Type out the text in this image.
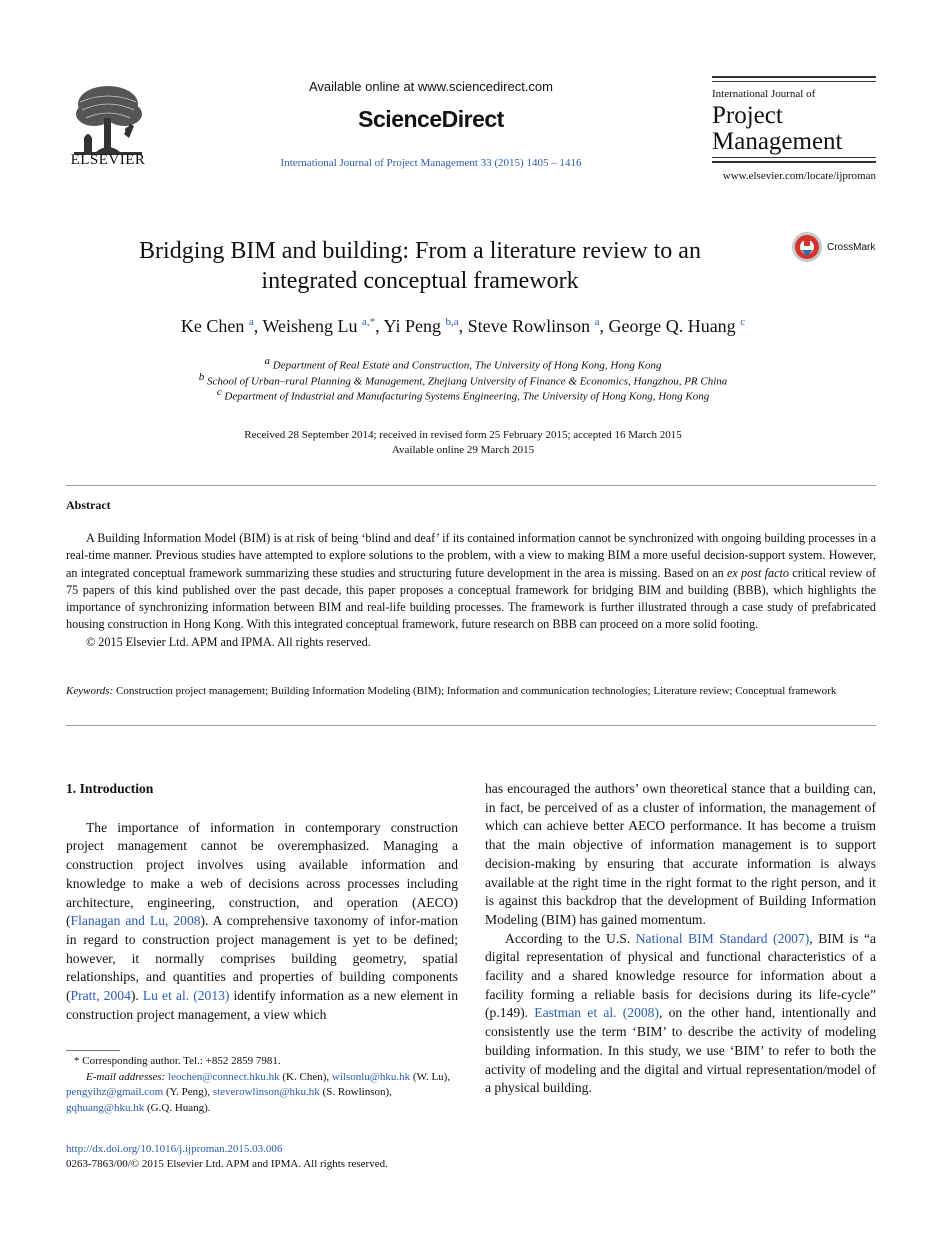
ELSEVIER
Available online at www.sciencedirect.com
ScienceDirect
International Journal of Project Management 33 (2015) 1405 – 1416
International Journal of
Project
Management
www.elsevier.com/locate/ijproman
Bridging BIM and building: From a literature review to an
integrated conceptual framework
CrossMark
Ke Chen $^a$, Weisheng Lu $^{a,*}$, Yi Peng $^{b,a}$, Steve Rowlinson $^a$, George Q. Huang $^c$
$^a$ Department of Real Estate and Construction, The University of Hong Kong, Hong Kong
$^b$ School of Urban–rural Planning & Management, Zhejiang University of Finance & Economics, Hangzhou, PR China
$^c$ Department of Industrial and Manufacturing Systems Engineering, The University of Hong Kong, Hong Kong
Received 28 September 2014; received in revised form 25 February 2015; accepted 16 March 2015
Available online 29 March 2015
Abstract

A Building Information Model (BIM) is at risk of being ‘blind and deaf’ if its contained information cannot be synchronized with ongoing building processes in a real-time manner. Previous studies have attempted to explore solutions to the problem, with a view to making BIM a more useful decision-support system. However, an integrated conceptual framework summarizing these studies and structuring future development in the area is missing. Based on an ex post facto critical review of 75 papers of this kind published over the past decade, this paper proposes a conceptual framework for bridging BIM and building (BBB), which highlights the importance of synchronizing information between BIM and real-life building processes. The framework is further illustrated through a case study of prefabricated housing construction in Hong Kong. With this integrated conceptual framework, future research on BBB can proceed on a more solid footing.

© 2015 Elsevier Ltd. APM and IPMA. All rights reserved.

Keywords: Construction project management; Building Information Modeling (BIM); Information and communication technologies; Literature review; Conceptual framework
1. Introduction

The importance of information in contemporary construction project management cannot be overemphasized. Managing a construction project involves using available information and knowledge to make a web of decisions across processes including architecture, engineering, construction, and operation (AECO) (Flanagan and Lu, 2008). A comprehensive taxonomy of infor-mation in regard to construction project management is yet to be defined; however, it normally comprises building geometry, spatial relationships, and quantities and properties of building components (Pratt, 2004). Lu et al. (2013) identify information as a new element in construction project management, a view which

* Corresponding author. Tel.: +852 2859 7981.
E-mail addresses: leochen@connect.hku.hk (K. Chen), wilsonlu@hku.hk (W. Lu), pengyihz@gmail.com (Y. Peng), steverowlinson@hku.hk (S. Rowlinson), gqhuang@hku.hk (G.Q. Huang).
http://dx.doi.org/10.1016/j.ijproman.2015.03.006
0263-7863/00/© 2015 Elsevier Ltd. APM and IPMA. All rights reserved.

has encouraged the authors’ own theoretical stance that a building can, in fact, be perceived of as a cluster of information, the management of which can achieve better AECO performance. It has become a truism that the main objective of information management is to support decision-making by ensuring that accurate information is always available at the right time in the right format to the right person, and it is against this backdrop that the development of Building Information Modeling (BIM) has gained momentum.

According to the U.S. National BIM Standard (2007), BIM is “a digital representation of physical and functional characteristics of a facility and a shared knowledge resource for information about a facility forming a reliable basis for decisions during its life-cycle” (p.149). Eastman et al. (2008), on the other hand, intentionally and consistently use the term ‘BIM’ to describe the activity of modeling building information. In this study, we use ‘BIM’ to refer to both the activity of modeling and the digital and virtual representation/model of a physical building.
